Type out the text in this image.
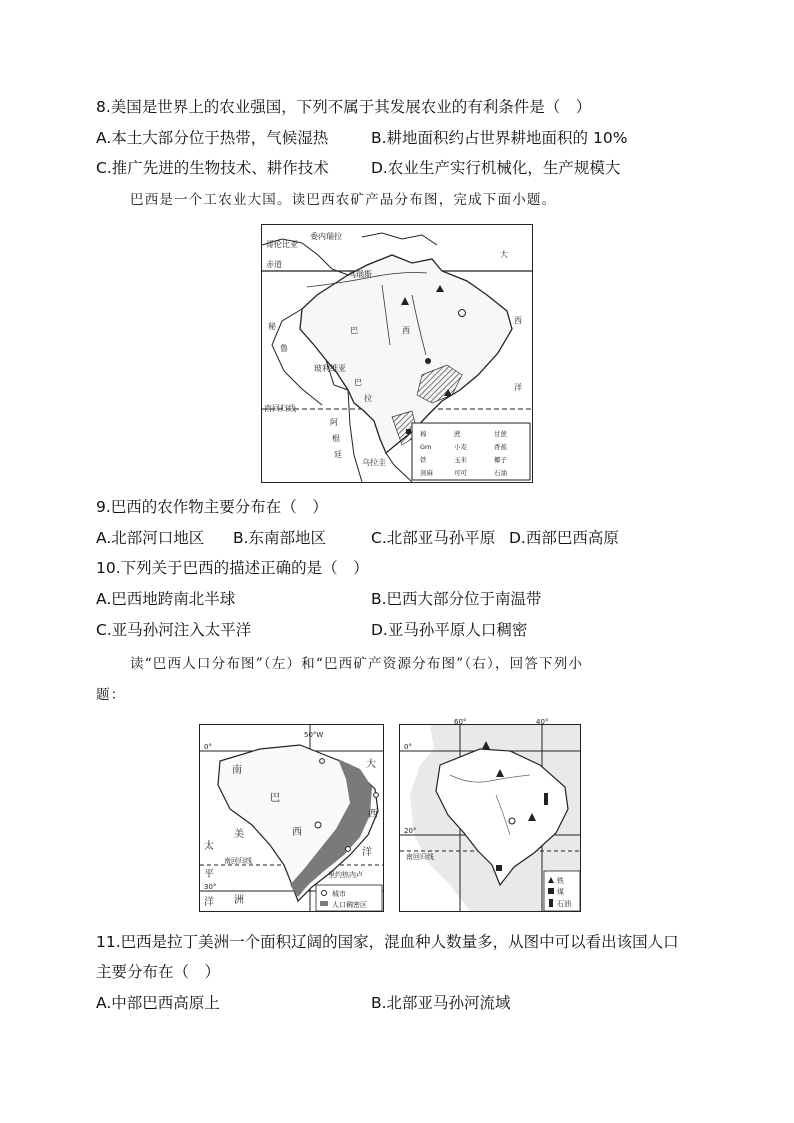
8.美国是世界上的农业强国，下列不属于其发展农业的有利条件是（　）
A.本土大部分位于热带，气候湿热	B.耕地面积约占世界耕地面积的 10%
C.推广先进的生物技术、耕作技术	D.农业生产实行机械化，生产规模大
巴西是一个工农业大国。读巴西农矿产品分布图，完成下面小题。
棉	蔗	甘蔗
Gm	小麦	香蕉
铁	玉米	椰子
剑麻	可可	石油
哥伦比亚
委内瑞拉
赤道
马瑙斯
巴	西
秘
鲁
玻利维亚
巴
拉
南回归线
阿
根
廷
乌拉圭
大
西
洋
9.巴西的农作物主要分布在（　）
A.北部河口地区 B.东南部地区	C.北部亚马孙平原 D.西部巴西高原
10.下列关于巴西的描述正确的是（　）
A.巴西地跨南北半球	B.巴西大部分位于南温带
C.亚马孙河注入太平洋	D.亚马孙平原人口稠密
读“巴西人口分布图”（左）和“巴西矿产资源分布图”（右），回答下列小
题：
城市
人口稠密区
50°W
0°
30°
南回归线
里约热内卢
南
巴
西
美
洲
太
平
洋
大
西
洋
铁
煤
石油
60°	40°
0°
20°
南回归线
11.巴西是拉丁美洲一个面积辽阔的国家，混血种人数量多，从图中可以看出该国人口
主要分布在（　）
A.中部巴西高原上	B.北部亚马孙河流域
